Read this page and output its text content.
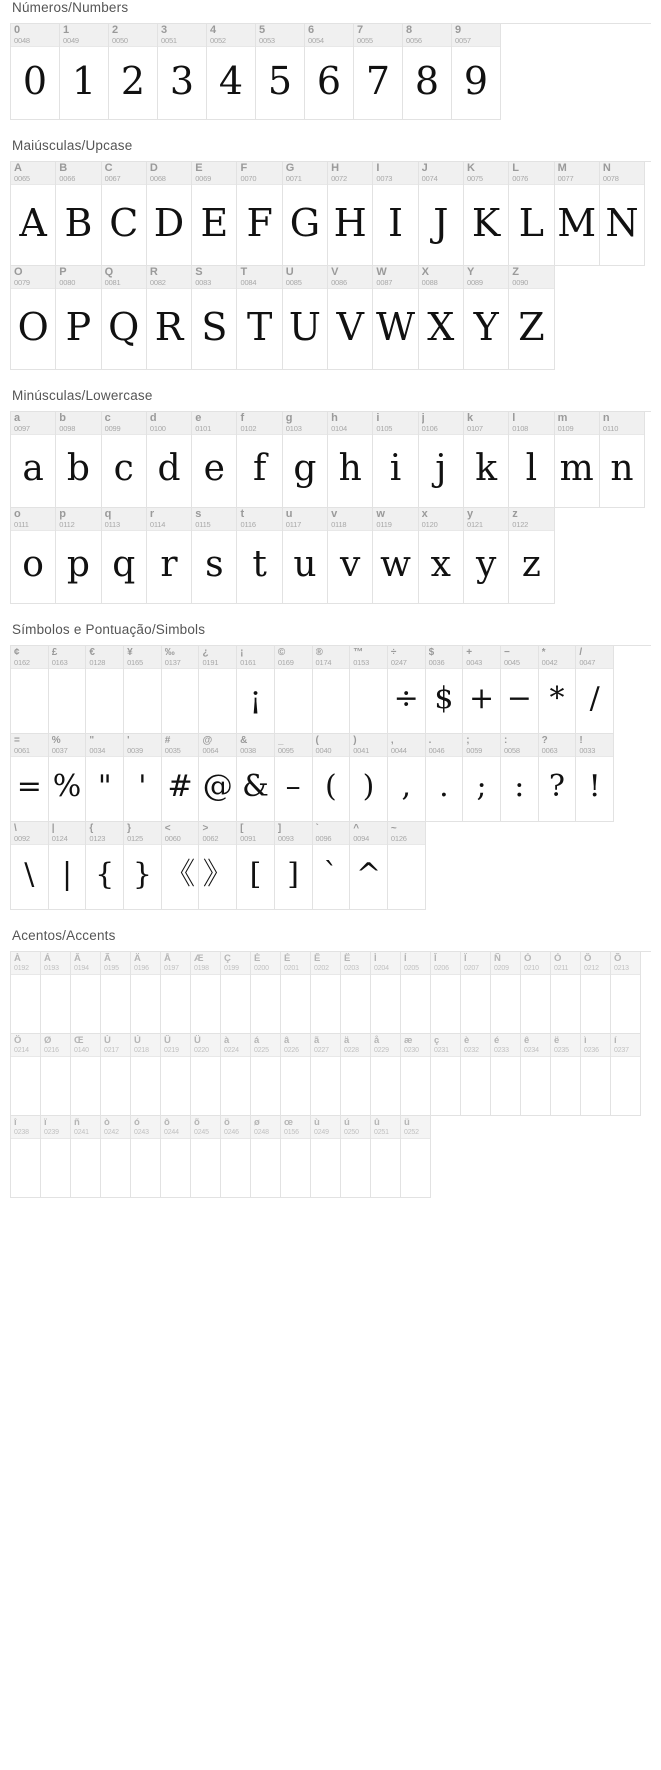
Números/Numbers
0
0048
0
1
0049
1
2
0050
2
3
0051
3
4
0052
4
5
0053
5
6
0054
6
7
0055
7
8
0056
8
9
0057
9
Maiúsculas/Upcase
A
0065
A
B
0066
B
C
0067
C
D
0068
D
E
0069
E
F
0070
F
G
0071
G
H
0072
H
I
0073
I
J
0074
J
K
0075
K
L
0076
L
M
0077
M
N
0078
N
O
0079
O
P
0080
P
Q
0081
Q
R
0082
R
S
0083
S
T
0084
T
U
0085
U
V
0086
V
W
0087
W
X
0088
X
Y
0089
Y
Z
0090
Z
Minúsculas/Lowercase
a
0097
a
b
0098
b
c
0099
c
d
0100
d
e
0101
e
f
0102
f
g
0103
g
h
0104
h
i
0105
i
j
0106
j
k
0107
k
l
0108
l
m
0109
m
n
0110
n
o
0111
o
p
0112
p
q
0113
q
r
0114
r
s
0115
s
t
0116
t
u
0117
u
v
0118
v
w
0119
w
x
0120
x
y
0121
y
z
0122
z
Símbolos e Pontuação/Simbols
¢
0162
£
0163
€
0128
¥
0165
‰
0137
¿
0191
¡
0161
¡
©
0169
®
0174
™
0153
÷
0247
÷
$
0036
$
+
0043
+
−
0045
−
*
0042
*
/
0047
/
=
0061
=
%
0037
%
"
0034
"
'
0039
'
#
0035
#
@
0064
@
&
0038
&
_
0095
–
(
0040
(
)
0041
)
,
0044
,
.
0046
.
;
0059
;
:
0058
:
?
0063
?
!
0033
!
\
0092
\
|
0124
|
{
0123
{
}
0125
}
<
0060
《
>
0062
》
[
0091
[
]
0093
]
`
0096
`
^
0094
^
~
0126
Acentos/Accents
À
0192
Á
0193
Â
0194
Ã
0195
Ä
0196
Å
0197
Æ
0198
Ç
0199
È
0200
É
0201
Ê
0202
Ë
0203
Ì
0204
Í
0205
Î
0206
Ï
0207
Ñ
0209
Ò
0210
Ó
0211
Ô
0212
Õ
0213
Ö
0214
Ø
0216
Œ
0140
Ù
0217
Ú
0218
Û
0219
Ü
0220
à
0224
á
0225
â
0226
ã
0227
ä
0228
å
0229
æ
0230
ç
0231
è
0232
é
0233
ê
0234
ë
0235
ì
0236
í
0237
î
0238
ï
0239
ñ
0241
ò
0242
ó
0243
ô
0244
õ
0245
ö
0246
ø
0248
œ
0156
ù
0249
ú
0250
û
0251
ü
0252
